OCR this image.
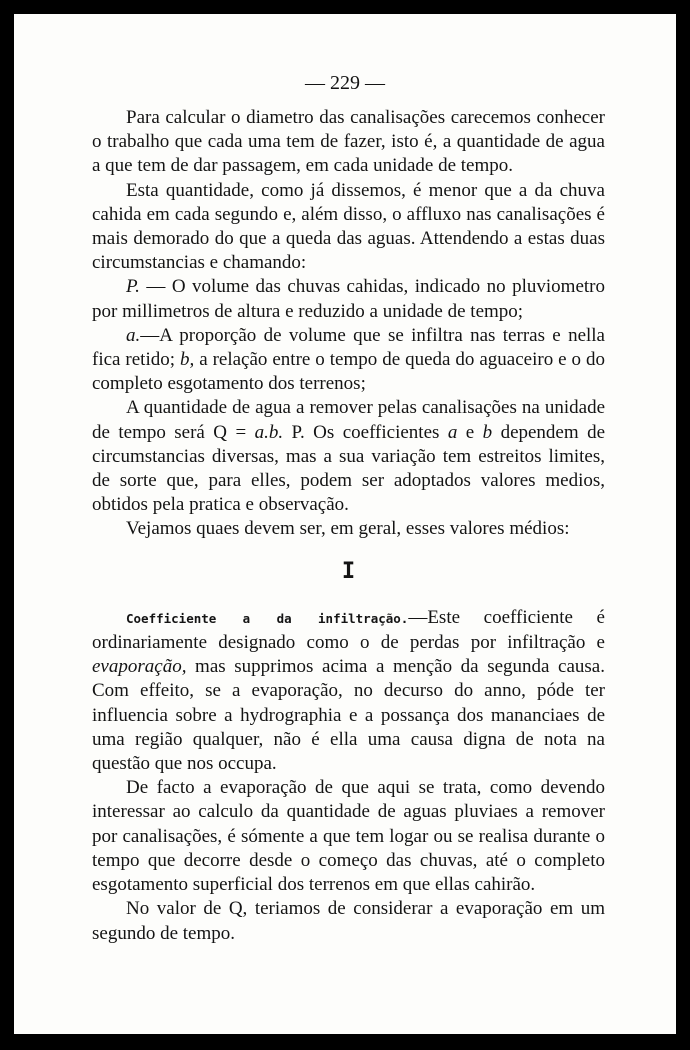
— 229 —

Para calcular o diametro das canalisações carecemos conhecer o trabalho que cada uma tem de fazer, isto é, a quantidade de agua a que tem de dar passagem, em cada unidade de tempo.

Esta quantidade, como já dissemos, é menor que a da chuva cahida em cada segundo e, além disso, o affluxo nas canalisações é mais demorado do que a queda das aguas. Attendendo a estas duas circumstancias e chamando:

P. — O volume das chuvas cahidas, indicado no pluviometro por millimetros de altura e reduzido a unidade de tempo;

a.—A proporção de volume que se infiltra nas terras e nella fica retido; b, a relação entre o tempo de queda do aguaceiro e o do completo esgotamento dos terrenos;

A quantidade de agua a remover pelas canalisações na unidade de tempo será Q = a.b. P. Os coefficientes a e b dependem de circumstancias diversas, mas a sua variação tem estreitos limites, de sorte que, para elles, podem ser adoptados valores medios, obtidos pela pratica e observação.

Vejamos quaes devem ser, em geral, esses valores médios:

I

Coefficiente a da infiltração.—Este coefficiente é ordinariamente designado como o de perdas por infiltração e evaporação, mas supprimos acima a menção da segunda causa. Com effeito, se a evaporação, no decurso do anno, póde ter influencia sobre a hydrographia e a possança dos mananciaes de uma região qualquer, não é ella uma causa digna de nota na questão que nos occupa.

De facto a evaporação de que aqui se trata, como devendo interessar ao calculo da quantidade de aguas pluviaes a remover por canalisações, é sómente a que tem logar ou se realisa durante o tempo que decorre desde o começo das chuvas, até o completo esgotamento superficial dos terrenos em que ellas cahirão.

No valor de Q, teriamos de considerar a evaporação em um segundo de tempo.
